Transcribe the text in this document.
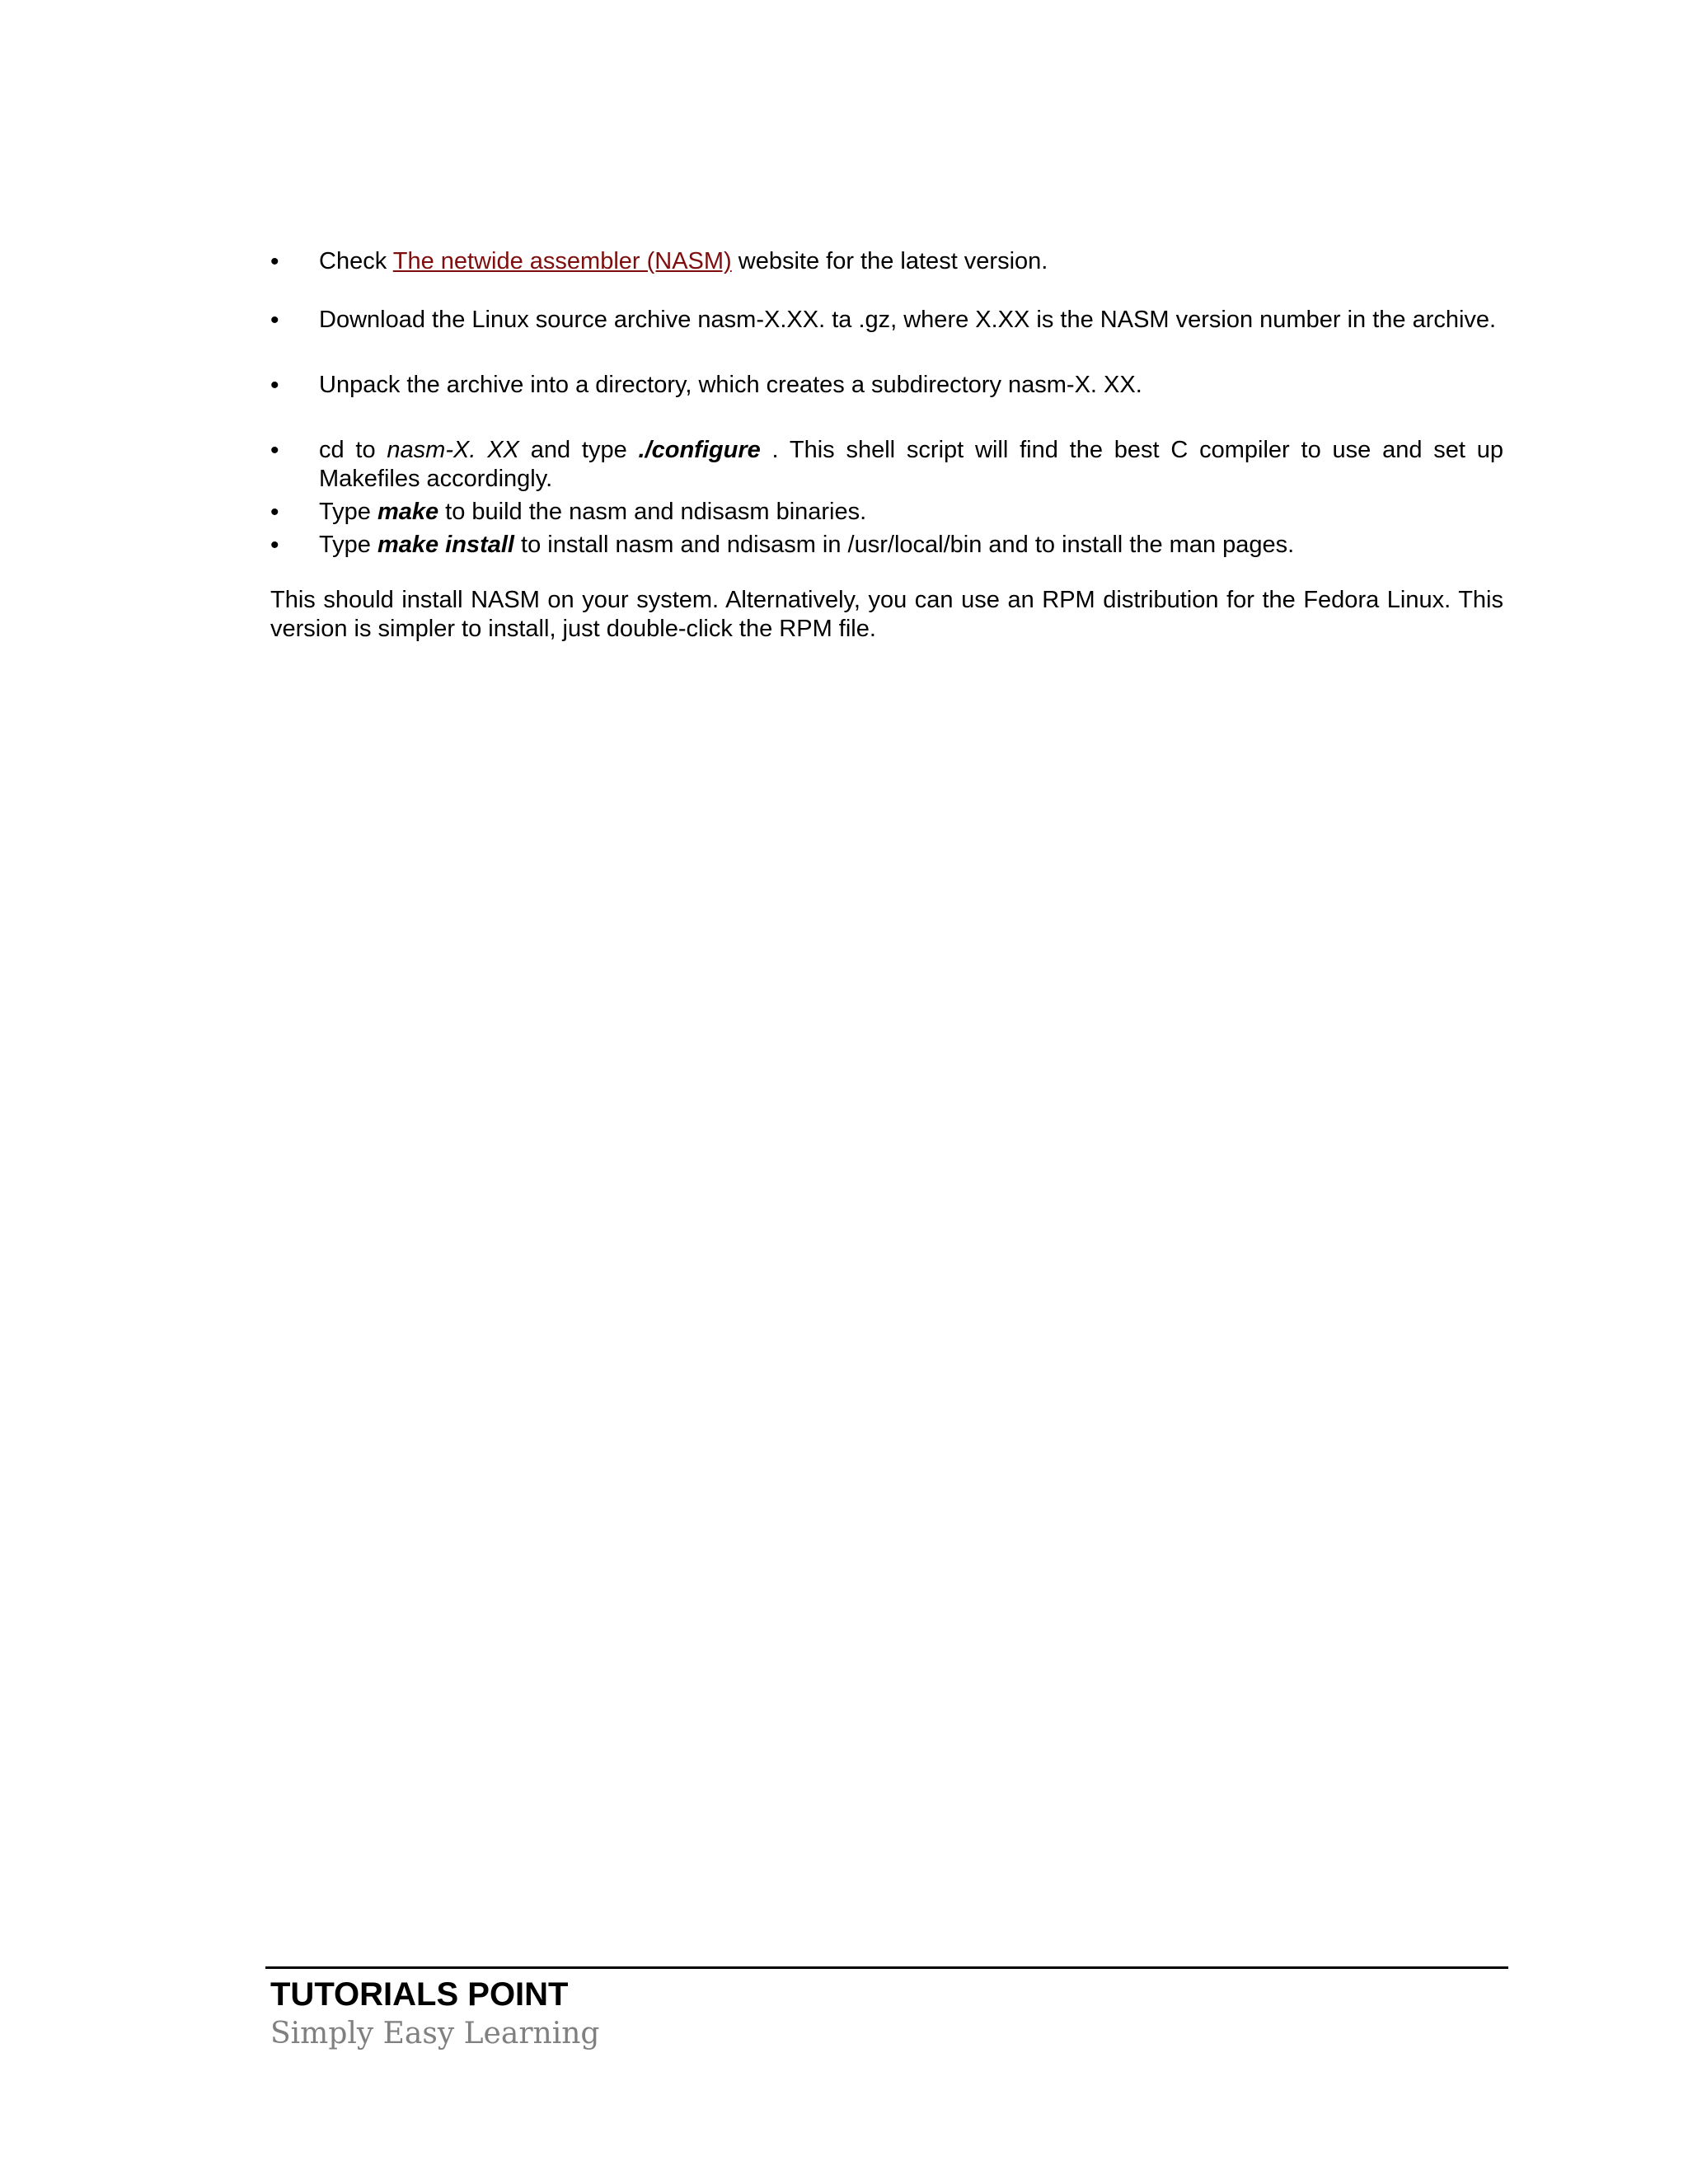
•	Check The netwide assembler (NASM) website for the latest version.
•	Download the Linux source archive nasm-X.XX. ta .gz, where X.XX is the NASM version number in the archive.
•	Unpack the archive into a directory, which creates a subdirectory nasm-X. XX.
•	cd to nasm-X. XX and type ./configure . This shell script will find the best C compiler to use and set up Makefiles accordingly.
•	Type make to build the nasm and ndisasm binaries.
•	Type make install to install nasm and ndisasm in /usr/local/bin and to install the man pages.

This should install NASM on your system. Alternatively, you can use an RPM distribution for the Fedora Linux. This version is simpler to install, just double-click the RPM file.

TUTORIALS POINT
Simply Easy Learning
